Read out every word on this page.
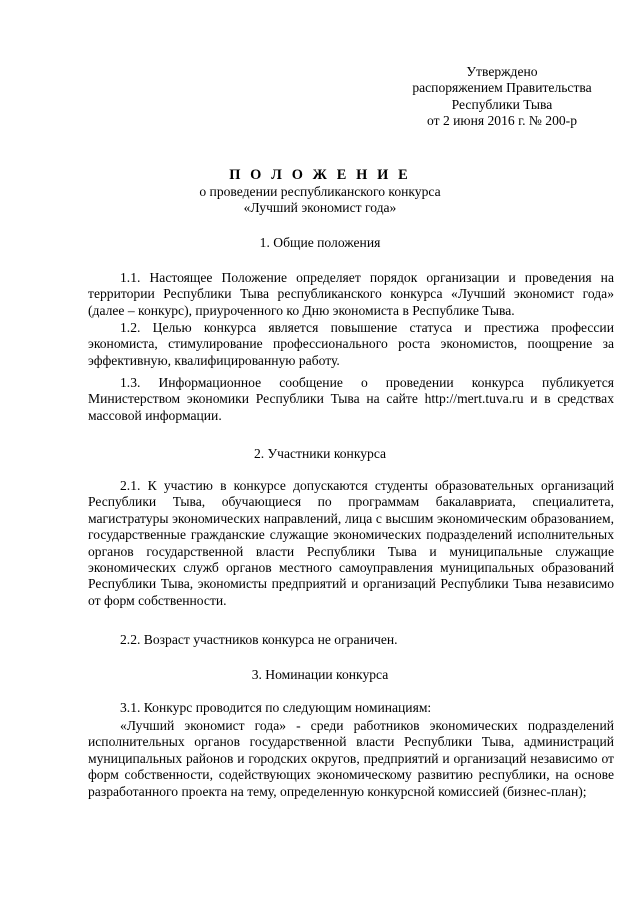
Утверждено
распоряжением Правительства
Республики Тыва
от 2 июня 2016 г. № 200-р
П О Л О Ж Е Н И Е
о проведении республиканского конкурса
«Лучший экономист года»
1. Общие положения
1.1. Настоящее Положение определяет порядок организации и проведения на территории Республики Тыва республиканского конкурса «Лучший экономист года» (далее – конкурс), приуроченного ко Дню экономиста в Республике Тыва.
1.2. Целью конкурса является повышение статуса и престижа профессии экономиста, стимулирование профессионального роста экономистов, поощрение за эффективную, квалифицированную работу.
1.3. Информационное сообщение о проведении конкурса публикуется Министерством экономики Республики Тыва на сайте http://mert.tuva.ru и в средствах массовой информации.
2. Участники конкурса
2.1. К участию в конкурсе допускаются студенты образовательных организаций Республики Тыва, обучающиеся по программам бакалавриата, специалитета, магистратуры экономических направлений, лица с высшим экономическим образованием, государственные гражданские служащие экономических подразделений исполнительных органов государственной власти Республики Тыва и муниципальные служащие экономических служб органов местного самоуправления муниципальных образований Республики Тыва, экономисты предприятий и организаций Республики Тыва независимо от форм собственности.
2.2. Возраст участников конкурса не ограничен.
3. Номинации конкурса
3.1. Конкурс проводится по следующим номинациям:
«Лучший экономист года» - среди работников экономических подразделений исполнительных органов государственной власти Республики Тыва, администраций муниципальных районов и городских округов, предприятий и организаций независимо от форм собственности, содействующих экономическому развитию республики, на основе разработанного проекта на тему, определенную конкурсной комиссией (бизнес-план);
